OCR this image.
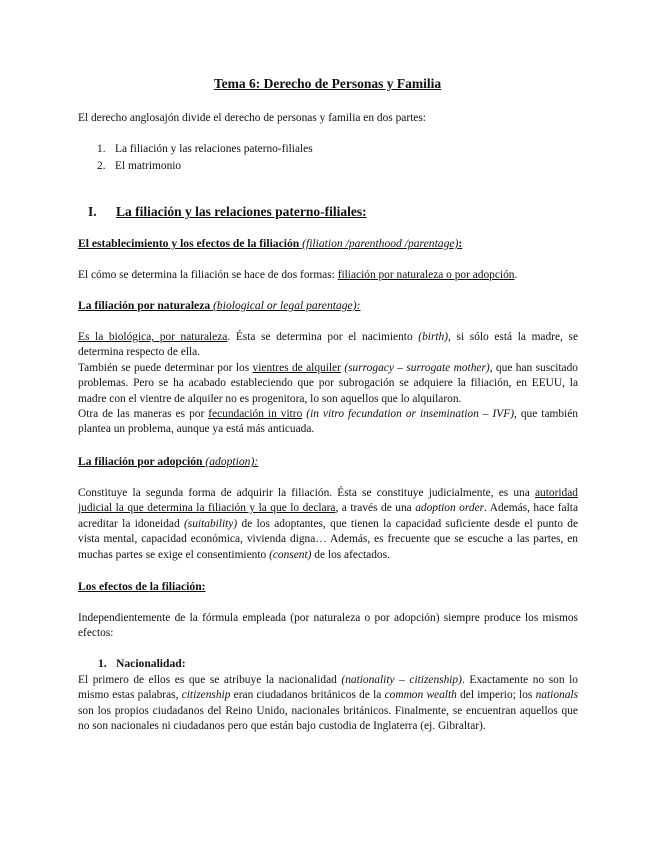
Tema 6: Derecho de Personas y Familia
El derecho anglosajón divide el derecho de personas y familia en dos partes:
1. La filiación y las relaciones paterno-filiales
2. El matrimonio
I. La filiación y las relaciones paterno-filiales:
El establecimiento y los efectos de la filiación (filiation /parenthood /parentage):
El cómo se determina la filiación se hace de dos formas: filiación por naturaleza o por adopción.
La filiación por naturaleza (biological or legal parentage):
Es la biológica, por naturaleza. Ésta se determina por el nacimiento (birth), si sólo está la madre, se determina respecto de ella.
También se puede determinar por los vientres de alquiler (surrogacy – surrogate mother), que han suscitado problemas. Pero se ha acabado estableciendo que por subrogación se adquiere la filiación, en EEUU, la madre con el vientre de alquiler no es progenitora, lo son aquellos que lo alquilaron.
Otra de las maneras es por fecundación in vitro (in vitro fecundation or insemination – IVF), que también plantea un problema, aunque ya está más anticuada.
La filiación por adopción (adoption):
Constituye la segunda forma de adquirir la filiación. Ésta se constituye judicialmente, es una autoridad judicial la que determina la filiación y la que lo declara, a través de una adoption order. Además, hace falta acreditar la idoneidad (suitability) de los adoptantes, que tienen la capacidad suficiente desde el punto de vista mental, capacidad económica, vivienda digna… Además, es frecuente que se escuche a las partes, en muchas partes se exige el consentimiento (consent) de los afectados.
Los efectos de la filiación:
Independientemente de la fórmula empleada (por naturaleza o por adopción) siempre produce los mismos efectos:
1. Nacionalidad:
El primero de ellos es que se atribuye la nacionalidad (nationality – citizenship). Exactamente no son lo mismo estas palabras, citizenship eran ciudadanos británicos de la common wealth del imperio; los nationals son los propios ciudadanos del Reino Unido, nacionales británicos. Finalmente, se encuentran aquellos que no son nacionales ni ciudadanos pero que están bajo custodia de Inglaterra (ej. Gibraltar).
